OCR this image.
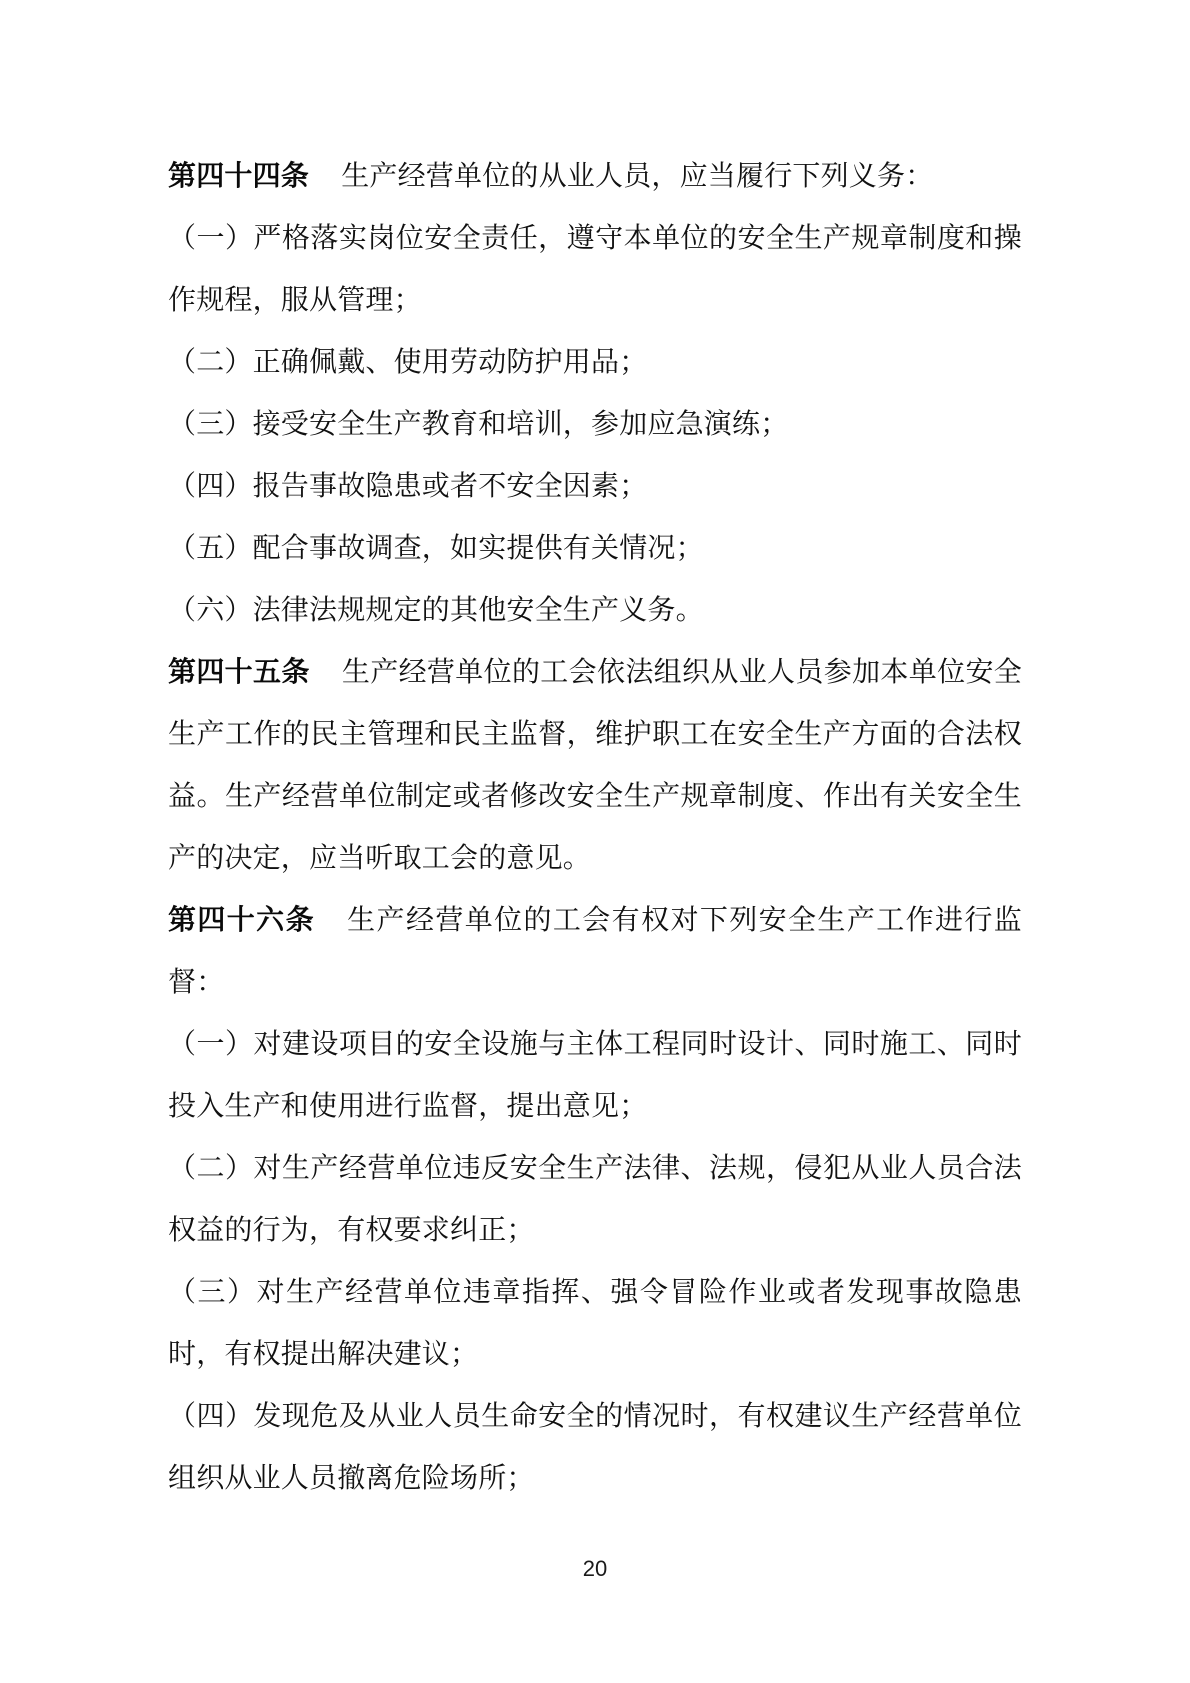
第四十四条 生产经营单位的从业人员，应当履行下列义务：

（一）严格落实岗位安全责任，遵守本单位的安全生产规章制度和操作规程，服从管理；

（二）正确佩戴、使用劳动防护用品；

（三）接受安全生产教育和培训，参加应急演练；

（四）报告事故隐患或者不安全因素；

（五）配合事故调查，如实提供有关情况；

（六）法律法规规定的其他安全生产义务。

第四十五条 生产经营单位的工会依法组织从业人员参加本单位安全生产工作的民主管理和民主监督，维护职工在安全生产方面的合法权益。生产经营单位制定或者修改安全生产规章制度、作出有关安全生产的决定，应当听取工会的意见。

第四十六条 生产经营单位的工会有权对下列安全生产工作进行监督：

（一）对建设项目的安全设施与主体工程同时设计、同时施工、同时投入生产和使用进行监督，提出意见；

（二）对生产经营单位违反安全生产法律、法规，侵犯从业人员合法权益的行为，有权要求纠正；

（三）对生产经营单位违章指挥、强令冒险作业或者发现事故隐患时，有权提出解决建议；

（四）发现危及从业人员生命安全的情况时，有权建议生产经营单位组织从业人员撤离危险场所；

20
